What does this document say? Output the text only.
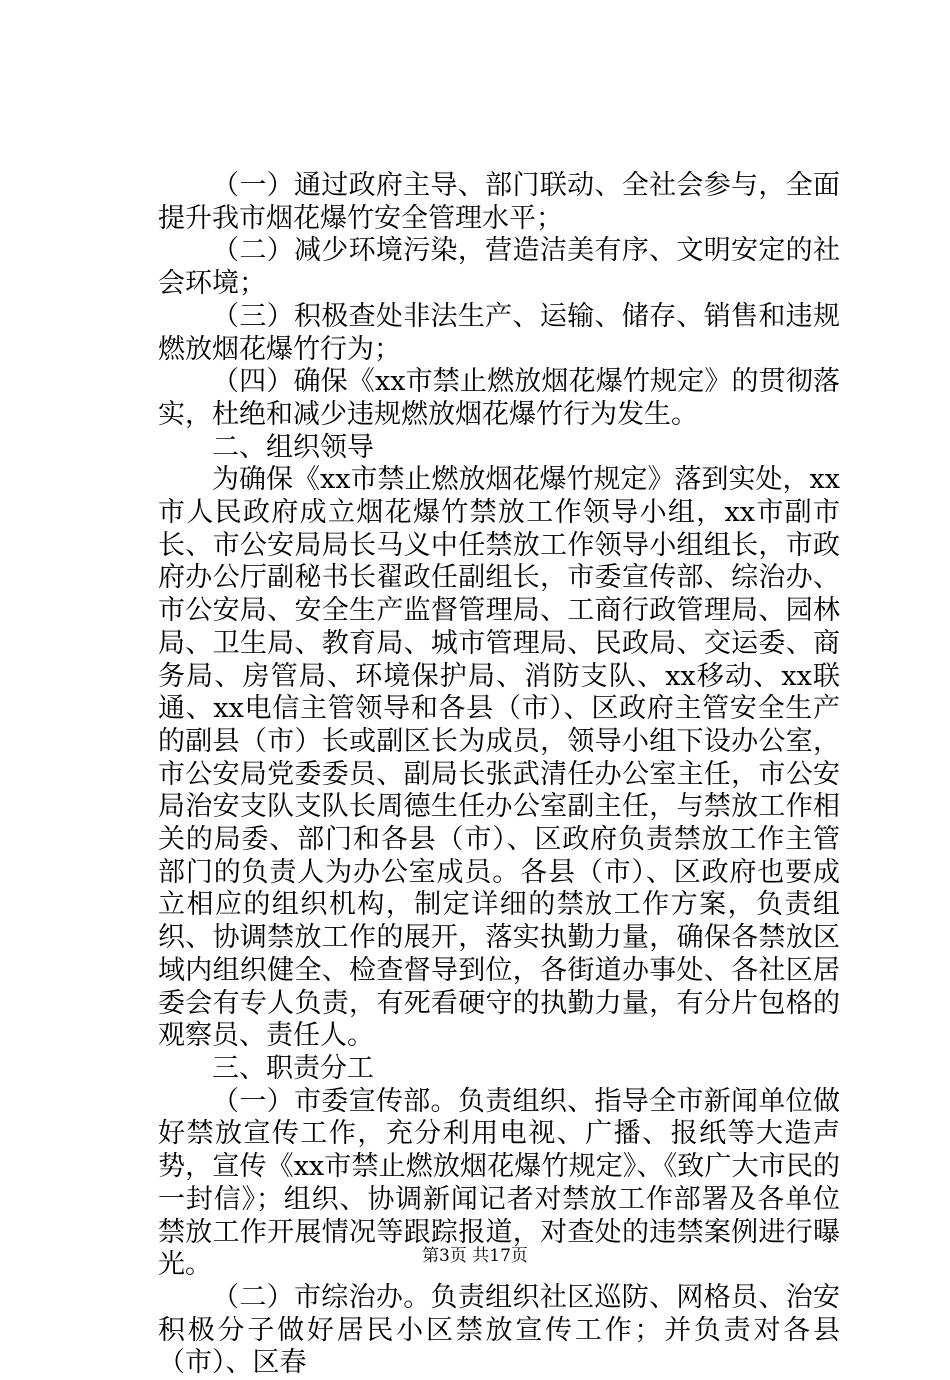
（一）通过政府主导、部门联动、全社会参与，全面提升我市烟花爆竹安全管理水平；

（二）减少环境污染，营造洁美有序、文明安定的社会环境；

（三）积极查处非法生产、运输、储存、销售和违规燃放烟花爆竹行为；

（四）确保《xx市禁止燃放烟花爆竹规定》的贯彻落实，杜绝和减少违规燃放烟花爆竹行为发生。

二、组织领导

为确保《xx市禁止燃放烟花爆竹规定》落到实处，xx市人民政府成立烟花爆竹禁放工作领导小组，xx市副市长、市公安局局长马义中任禁放工作领导小组组长，市政府办公厅副秘书长翟政任副组长，市委宣传部、综治办、市公安局、安全生产监督管理局、工商行政管理局、园林局、卫生局、教育局、城市管理局、民政局、交运委、商务局、房管局、环境保护局、消防支队、xx移动、xx联通、xx电信主管领导和各县（市）、区政府主管安全生产的副县（市）长或副区长为成员，领导小组下设办公室，市公安局党委委员、副局长张武清任办公室主任，市公安局治安支队支队长周德生任办公室副主任，与禁放工作相关的局委、部门和各县（市）、区政府负责禁放工作主管部门的负责人为办公室成员。各县（市）、区政府也要成立相应的组织机构，制定详细的禁放工作方案，负责组织、协调禁放工作的展开，落实执勤力量，确保各禁放区域内组织健全、检查督导到位，各街道办事处、各社区居委会有专人负责，有死看硬守的执勤力量，有分片包格的观察员、责任人。

三、职责分工

（一）市委宣传部。负责组织、指导全市新闻单位做好禁放宣传工作，充分利用电视、广播、报纸等大造声势，宣传《xx市禁止燃放烟花爆竹规定》、《致广大市民的一封信》；组织、协调新闻记者对禁放工作部署及各单位禁放工作开展情况等跟踪报道，对查处的违禁案例进行曝光。

（二）市综治办。负责组织社区巡防、网格员、治安积极分子做好居民小区禁放宣传工作；并负责对各县（市）、区春

第3页 共17页
